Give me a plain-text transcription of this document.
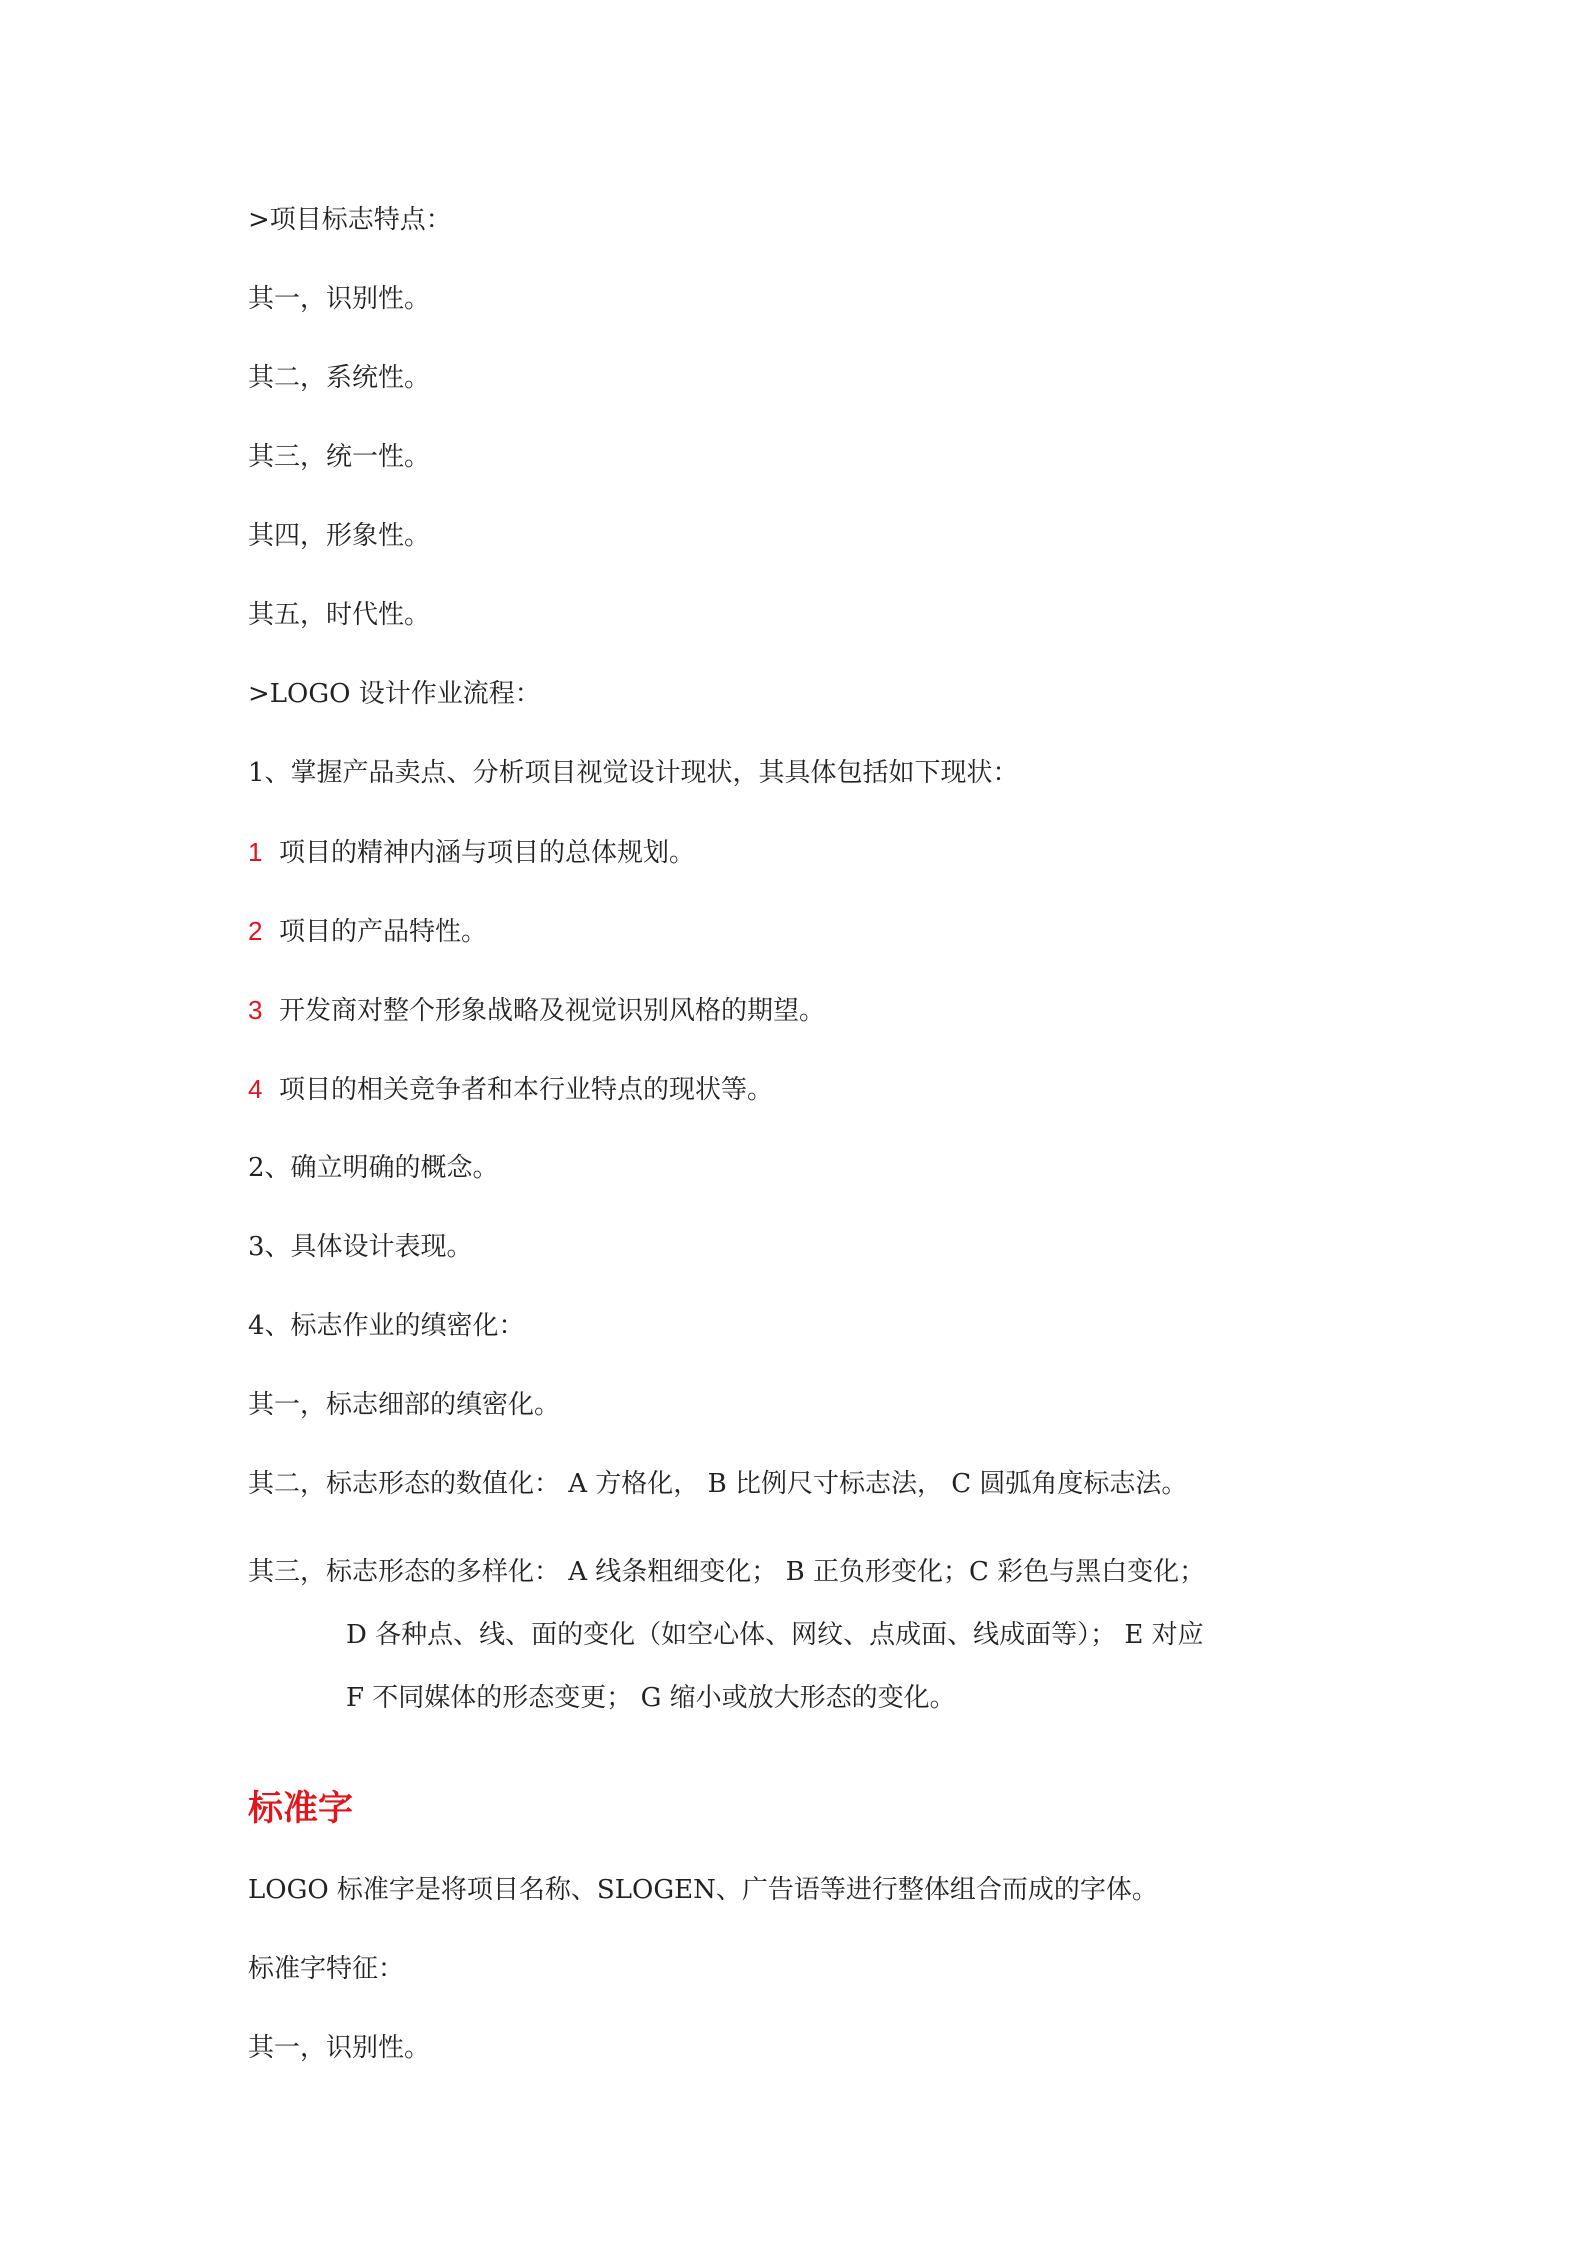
>项目标志特点：
其一，识别性。
其二，系统性。
其三，统一性。
其四，形象性。
其五，时代性。
>LOGO 设计作业流程：
1、掌握产品卖点、分析项目视觉设计现状，其具体包括如下现状：
1 项目的精神内涵与项目的总体规划。
2 项目的产品特性。
3 开发商对整个形象战略及视觉识别风格的期望。
4 项目的相关竞争者和本行业特点的现状等。
2、确立明确的概念。
3、具体设计表现。
4、标志作业的缜密化：
其一，标志细部的缜密化。
其二，标志形态的数值化： A 方格化， B 比例尺寸标志法， C 圆弧角度标志法。
其三，标志形态的多样化： A 线条粗细变化； B 正负形变化；C 彩色与黑白变化；
D 各种点、线、面的变化（如空心体、网纹、点成面、线成面等）； E 对应
F 不同媒体的形态变更； G 缩小或放大形态的变化。
标准字
LOGO 标准字是将项目名称、SLOGEN、广告语等进行整体组合而成的字体。
标准字特征：
其一，识别性。
